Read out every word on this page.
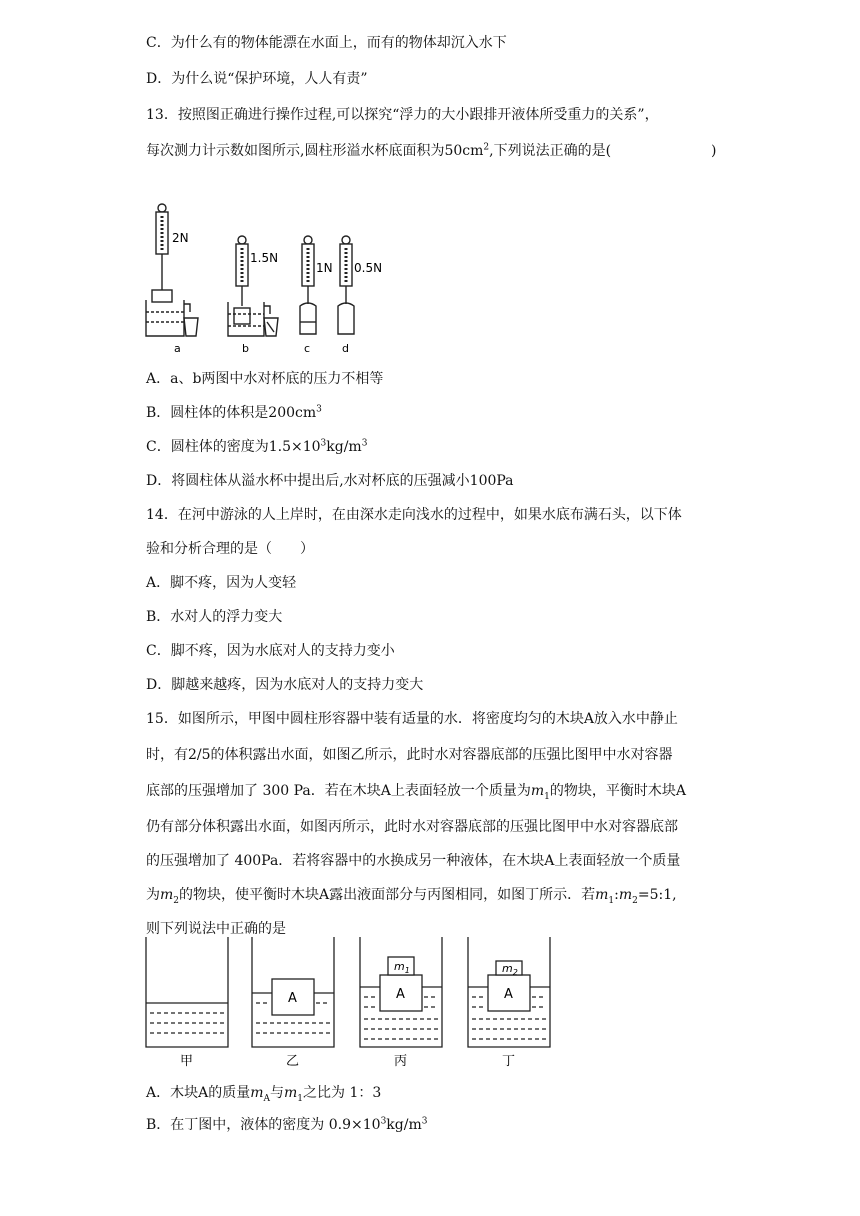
C．为什么有的物体能漂在水面上，而有的物体却沉入水下
D．为什么说“保护环境，人人有责”
13．按照图正确进行操作过程,可以探究“浮力的大小跟排开液体所受重力的关系”，
每次测力计示数如图所示,圆柱形溢水杯底面积为$50cm^2$,下列说法正确的是(	)
2N
1.5N
1N 0.5N
a	b	c	d
A．a、b两图中水对杯底的压力不相等
B．圆柱体的体积是$200cm^3$
C．圆柱体的密度为$1.5\times 10^3kg/m^3$
D．将圆柱体从溢水杯中提出后,水对杯底的压强减小100Pa
14．在河中游泳的人上岸时，在由深水走向浅水的过程中，如果水底布满石头，以下体
验和分析合理的是（　　）
A．脚不疼，因为人变轻
B．水对人的浮力变大
C．脚不疼，因为水底对人的支持力变小
D．脚越来越疼，因为水底对人的支持力变大
15．如图所示，甲图中圆柱形容器中装有适量的水．将密度均匀的木块A放入水中静止
时，有2/5的体积露出水面，如图乙所示，此时水对容器底部的压强比图甲中水对容器
底部的压强增加了 300 Pa．若在木块A上表面轻放一个质量为$m_1$的物块，平衡时木块A
仍有部分体积露出水面，如图丙所示，此时水对容器底部的压强比图甲中水对容器底部
的压强增加了 400Pa．若将容器中的水换成另一种液体，在木块A上表面轻放一个质量
为$m_2$的物块，使平衡时木块A露出液面部分与丙图相同，如图丁所示．若$m_1:m_2=5:1$,
则下列说法中正确的是
A	A	A
$m_1$	$m_2$
甲	乙	丙	丁
A．木块A的质量$m_A$与$m_1$之比为 1：3
B．在丁图中，液体的密度为 $0.9\times 10^3kg/m^3$
